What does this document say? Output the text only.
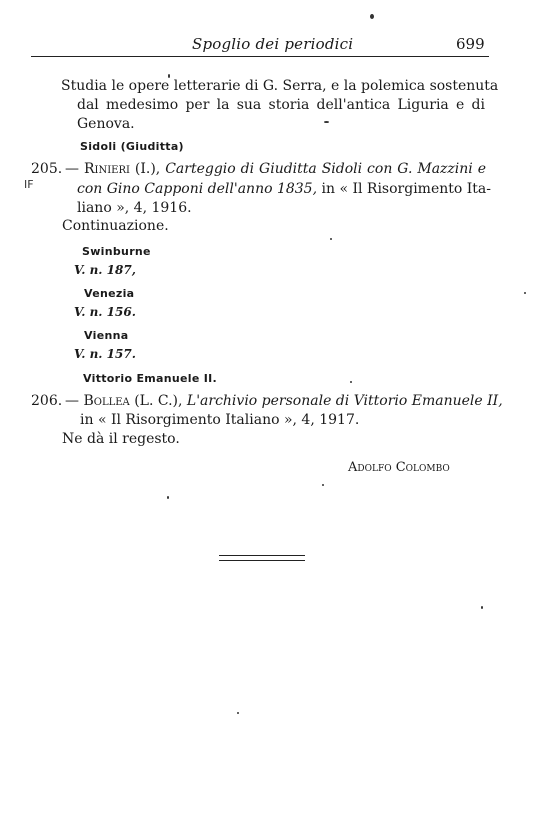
Spoglio dei periodici	699
Studia le opere letterarie di G. Serra, e la polemica sostenuta
dal medesimo per la sua storia dell'antica Liguria e di
Genova.
Sidoli (Giuditta)
205. — Rinieri (I.), Carteggio di Giuditta Sidoli con G. Mazzini e
IF	con Gino Capponi dell'anno 1835, in « Il Risorgimento Ita-
liano », 4, 1916.
Continuazione.
Swinburne
V. n. 187,
Venezia
V. n. 156.
Vienna
V. n. 157.
Vittorio Emanuele II.
206. — Bollea (L. C.), L'archivio personale di Vittorio Emanuele II,
in « Il Risorgimento Italiano », 4, 1917.
Ne dà il regesto.
Adolfo Colombo
